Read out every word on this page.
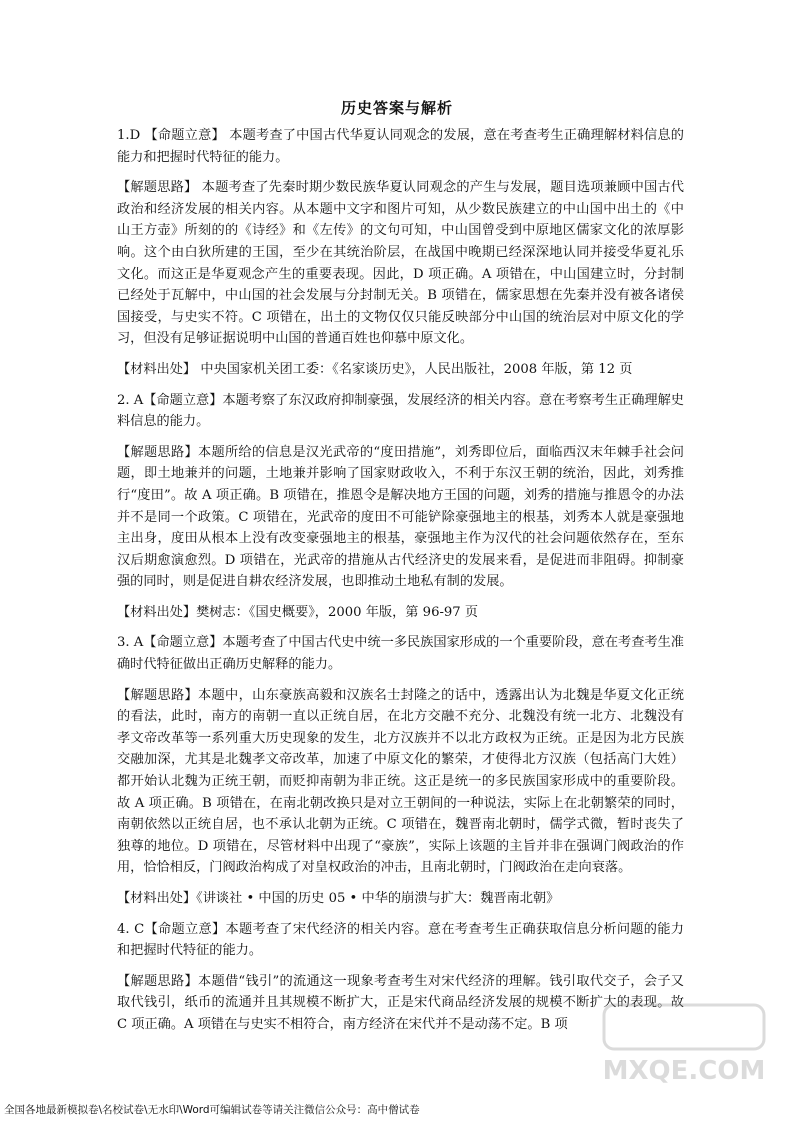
历史答案与解析

1.D 【命题立意】 本题考查了中国古代华夏认同观念的发展，意在考查考生正确理解材料信息的能力和把握时代特征的能力。

【解题思路】 本题考查了先秦时期少数民族华夏认同观念的产生与发展，题目选项兼顾中国古代政治和经济发展的相关内容。从本题中文字和图片可知，从少数民族建立的中山国中出土的《中山王方壶》所刻的的《诗经》和《左传》的文句可知，中山国曾受到中原地区儒家文化的浓厚影响。这个由白狄所建的王国，至少在其统治阶层，在战国中晚期已经深深地认同并接受华夏礼乐文化。而这正是华夏观念产生的重要表现。因此，D 项正确。A 项错在，中山国建立时，分封制已经处于瓦解中，中山国的社会发展与分封制无关。B 项错在，儒家思想在先秦并没有被各诸侯国接受，与史实不符。C 项错在，出土的文物仅仅只能反映部分中山国的统治层对中原文化的学习，但没有足够证据说明中山国的普通百姓也仰慕中原文化。

【材料出处】 中央国家机关团工委：《名家谈历史》，人民出版社，2008 年版，第 12 页

2. A【命题立意】本题考察了东汉政府抑制豪强，发展经济的相关内容。意在考察考生正确理解史料信息的能力。

【解题思路】本题所给的信息是汉光武帝的“度田措施”，刘秀即位后，面临西汉末年棘手社会问题，即土地兼并的问题，土地兼并影响了国家财政收入，不利于东汉王朝的统治，因此，刘秀推行“度田”。故 A 项正确。B 项错在，推恩令是解决地方王国的问题，刘秀的措施与推恩令的办法并不是同一个政策。C 项错在，光武帝的度田不可能铲除豪强地主的根基，刘秀本人就是豪强地主出身，度田从根本上没有改变豪强地主的根基，豪强地主作为汉代的社会问题依然存在，至东汉后期愈演愈烈。D 项错在，光武帝的措施从古代经济史的发展来看，是促进而非阻碍。抑制豪强的同时，则是促进自耕农经济发展，也即推动土地私有制的发展。

【材料出处】樊树志：《国史概要》，2000 年版，第 96-97 页

3. A【命题立意】本题考查了中国古代史中统一多民族国家形成的一个重要阶段，意在考查考生准确时代特征做出正确历史解释的能力。

【解题思路】本题中，山东豪族高毅和汉族名士封隆之的话中，透露出认为北魏是华夏文化正统的看法，此时，南方的南朝一直以正统自居，在北方交融不充分、北魏没有统一北方、北魏没有孝文帝改革等一系列重大历史现象的发生，北方汉族并不以北方政权为正统。正是因为北方民族交融加深，尤其是北魏孝文帝改革，加速了中原文化的繁荣，才使得北方汉族（包括高门大姓）都开始认北魏为正统王朝，而贬抑南朝为非正统。这正是统一的多民族国家形成中的重要阶段。故 A 项正确。B 项错在，在南北朝改换只是对立王朝间的一种说法，实际上在北朝繁荣的同时，南朝依然以正统自居，也不承认北朝为正统。C 项错在，魏晋南北朝时，儒学式微，暂时丧失了独尊的地位。D 项错在，尽管材料中出现了“豪族”，实际上该题的主旨并非在强调门阀政治的作用，恰恰相反，门阀政治构成了对皇权政治的冲击，且南北朝时，门阀政治在走向衰落。

【材料出处】《讲谈社 • 中国的历史 05 • 中华的崩溃与扩大：魏晋南北朝》

4. C【命题立意】本题考查了宋代经济的相关内容。意在考查考生正确获取信息分析问题的能力和把握时代特征的能力。

【解题思路】本题借“钱引”的流通这一现象考查考生对宋代经济的理解。钱引取代交子，会子又取代钱引，纸币的流通并且其规模不断扩大，正是宋代商品经济发展的规模不断扩大的表现。故 C 项正确。A 项错在与史实不相符合，南方经济在宋代并不是动荡不定。B 项

MXQE.COM
全国各地最新模拟卷\名校试卷\无水印\Word可编辑试卷等请关注微信公众号：高中僧试卷
